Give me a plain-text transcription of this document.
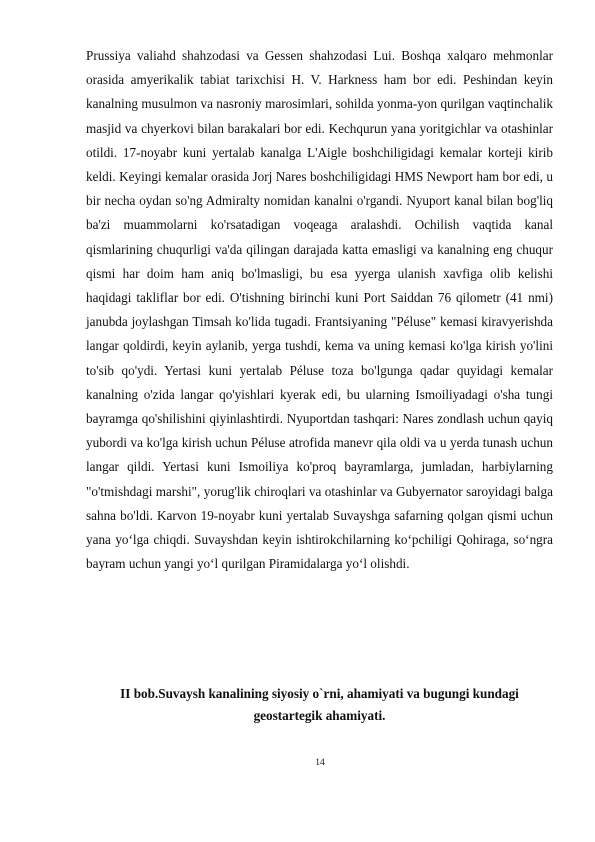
Prussiya valiahd shahzodasi va Gessen shahzodasi Lui. Boshqa xalqaro mehmonlar orasida amyerikalik tabiat tarixchisi H. V. Harkness ham bor edi. Peshindan keyin kanalning musulmon va nasroniy marosimlari, sohilda yonma-yon qurilgan vaqtinchalik masjid va chyerkovi bilan barakalari bor edi. Kechqurun yana yoritgichlar va otashinlar otildi. 17-noyabr kuni yertalab kanalga L'Aigle boshchiligidagi kemalar korteji kirib keldi. Keyingi kemalar orasida Jorj Nares boshchiligidagi HMS Newport ham bor edi, u bir necha oydan so'ng Admiralty nomidan kanalni o'rgandi. Nyuport kanal bilan bog'liq ba'zi muammolarni ko'rsatadigan voqeaga aralashdi. Ochilish vaqtida kanal qismlarining chuqurligi va'da qilingan darajada katta emasligi va kanalning eng chuqur qismi har doim ham aniq bo'lmasligi, bu esa yyerga ulanish xavfiga olib kelishi haqidagi takliflar bor edi. O'tishning birinchi kuni Port Saiddan 76 qilometr (41 nmi) janubda joylashgan Timsah ko'lida tugadi. Frantsiyaning "Péluse" kemasi kiravyerishda langar qoldirdi, keyin aylanib, yerga tushdi, kema va uning kemasi ko'lga kirish yo'lini to'sib qo'ydi. Yertasi kuni yertalab Péluse toza bo'lgunga qadar quyidagi kemalar kanalning o'zida langar qo'yishlari kyerak edi, bu ularning Ismoiliyadagi o'sha tungi bayramga qo'shilishini qiyinlashtirdi. Nyuportdan tashqari: Nares zondlash uchun qayiq yubordi va ko'lga kirish uchun Péluse atrofida manevr qila oldi va u yerda tunash uchun langar qildi. Yertasi kuni Ismoiliya ko'proq bayramlarga, jumladan, harbiylarning "o'tmishdagi marshi", yorug'lik chiroqlari va otashinlar va Gubyernator saroyidagi balga sahna bo'ldi. Karvon 19-noyabr kuni yertalab Suvayshga safarning qolgan qismi uchun yana yo‘lga chiqdi. Suvayshdan keyin ishtirokchilarning ko‘pchiligi Qohiraga, so‘ngra bayram uchun yangi yo‘l qurilgan Piramidalarga yo‘l olishdi.

II bob.Suvaysh kanalining siyosiy o`rni, ahamiyati va bugungi kundagi
geostartegik ahamiyati.
14
